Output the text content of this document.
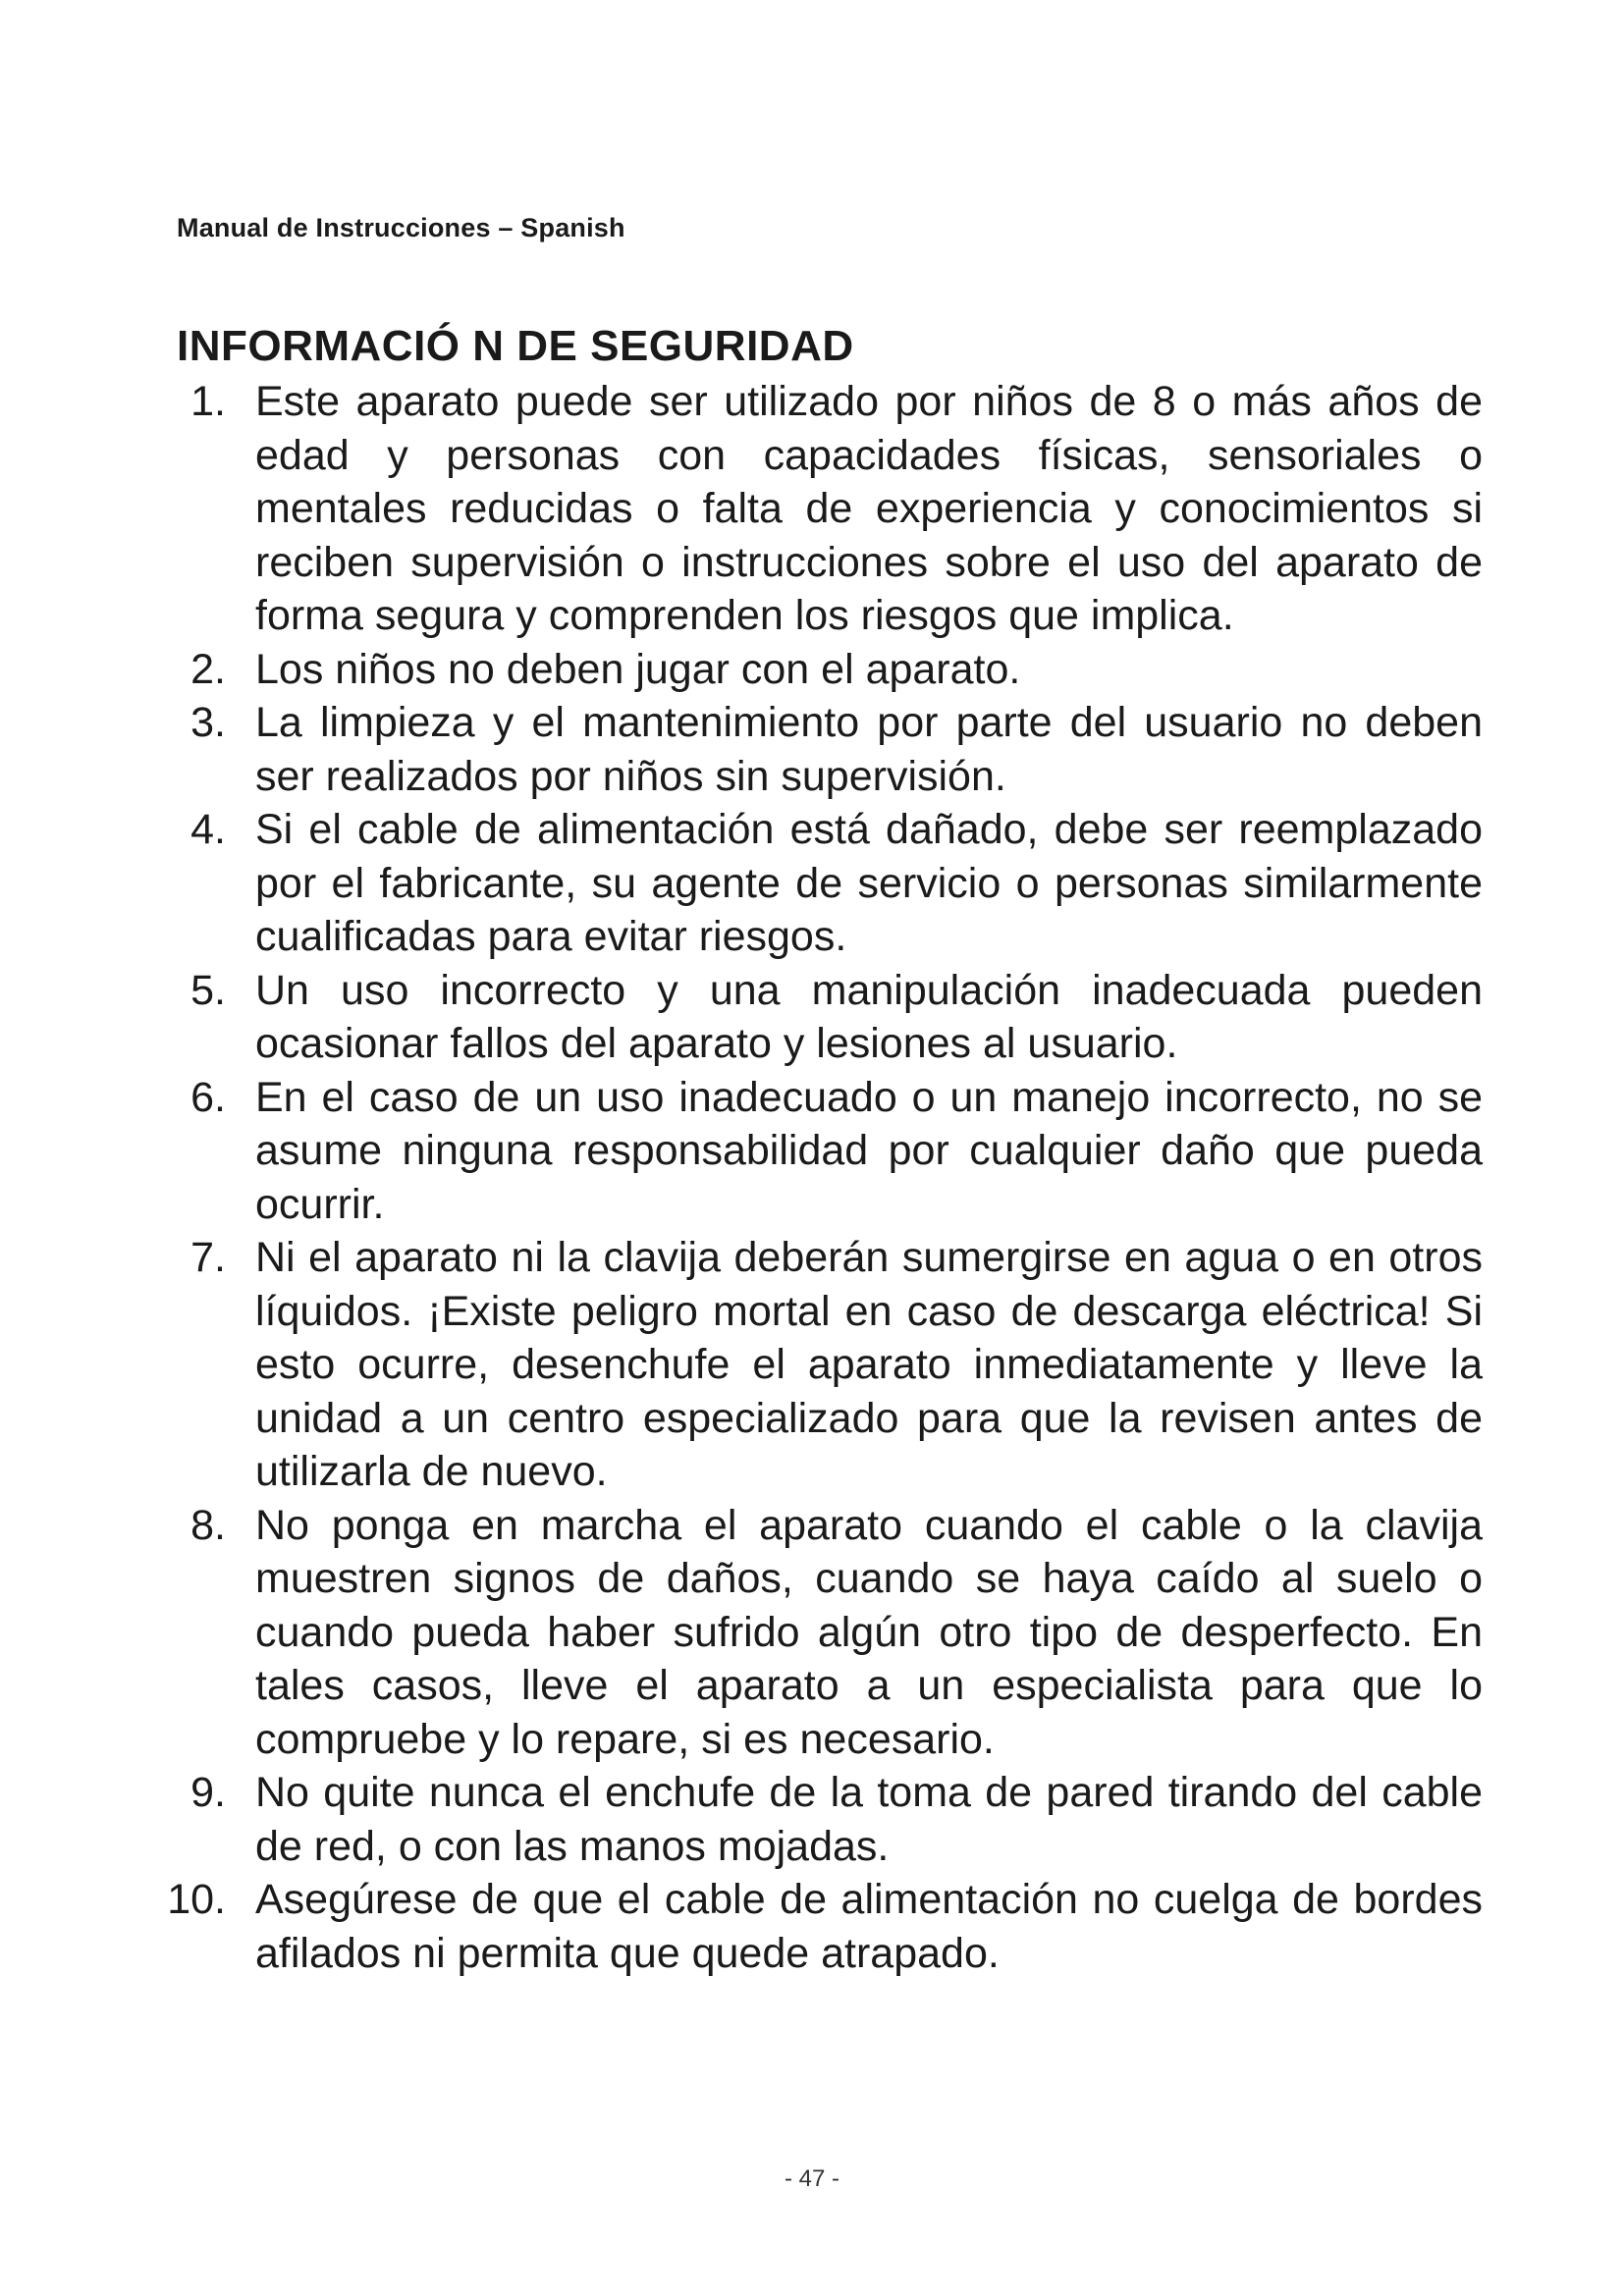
Manual de Instrucciones – Spanish
INFORMACIÓ N DE SEGURIDAD
1. Este aparato puede ser utilizado por niños de 8 o más años de edad y personas con capacidades físicas, sensoriales o mentales reducidas o falta de experiencia y conocimientos si reciben supervisión o instrucciones sobre el uso del aparato de forma segura y comprenden los riesgos que implica.
2. Los niños no deben jugar con el aparato.
3. La limpieza y el mantenimiento por parte del usuario no deben ser realizados por niños sin supervisión.
4. Si el cable de alimentación está dañado, debe ser reemplazado por el fabricante, su agente de servicio o personas similarmente cualificadas para evitar riesgos.
5. Un uso incorrecto y una manipulación inadecuada pueden ocasionar fallos del aparato y lesiones al usuario.
6. En el caso de un uso inadecuado o un manejo incorrecto, no se asume ninguna responsabilidad por cualquier daño que pueda ocurrir.
7. Ni el aparato ni la clavija deberán sumergirse en agua o en otros líquidos. ¡Existe peligro mortal en caso de descarga eléctrica! Si esto ocurre, desenchufe el aparato inmediatamente y lleve la unidad a un centro especializado para que la revisen antes de utilizarla de nuevo.
8. No ponga en marcha el aparato cuando el cable o la clavija muestren signos de daños, cuando se haya caído al suelo o cuando pueda haber sufrido algún otro tipo de desperfecto. En tales casos, lleve el aparato a un especialista para que lo compruebe y lo repare, si es necesario.
9. No quite nunca el enchufe de la toma de pared tirando del cable de red, o con las manos mojadas.
10. Asegúrese de que el cable de alimentación no cuelga de bordes afilados ni permita que quede atrapado.
- 47 -
